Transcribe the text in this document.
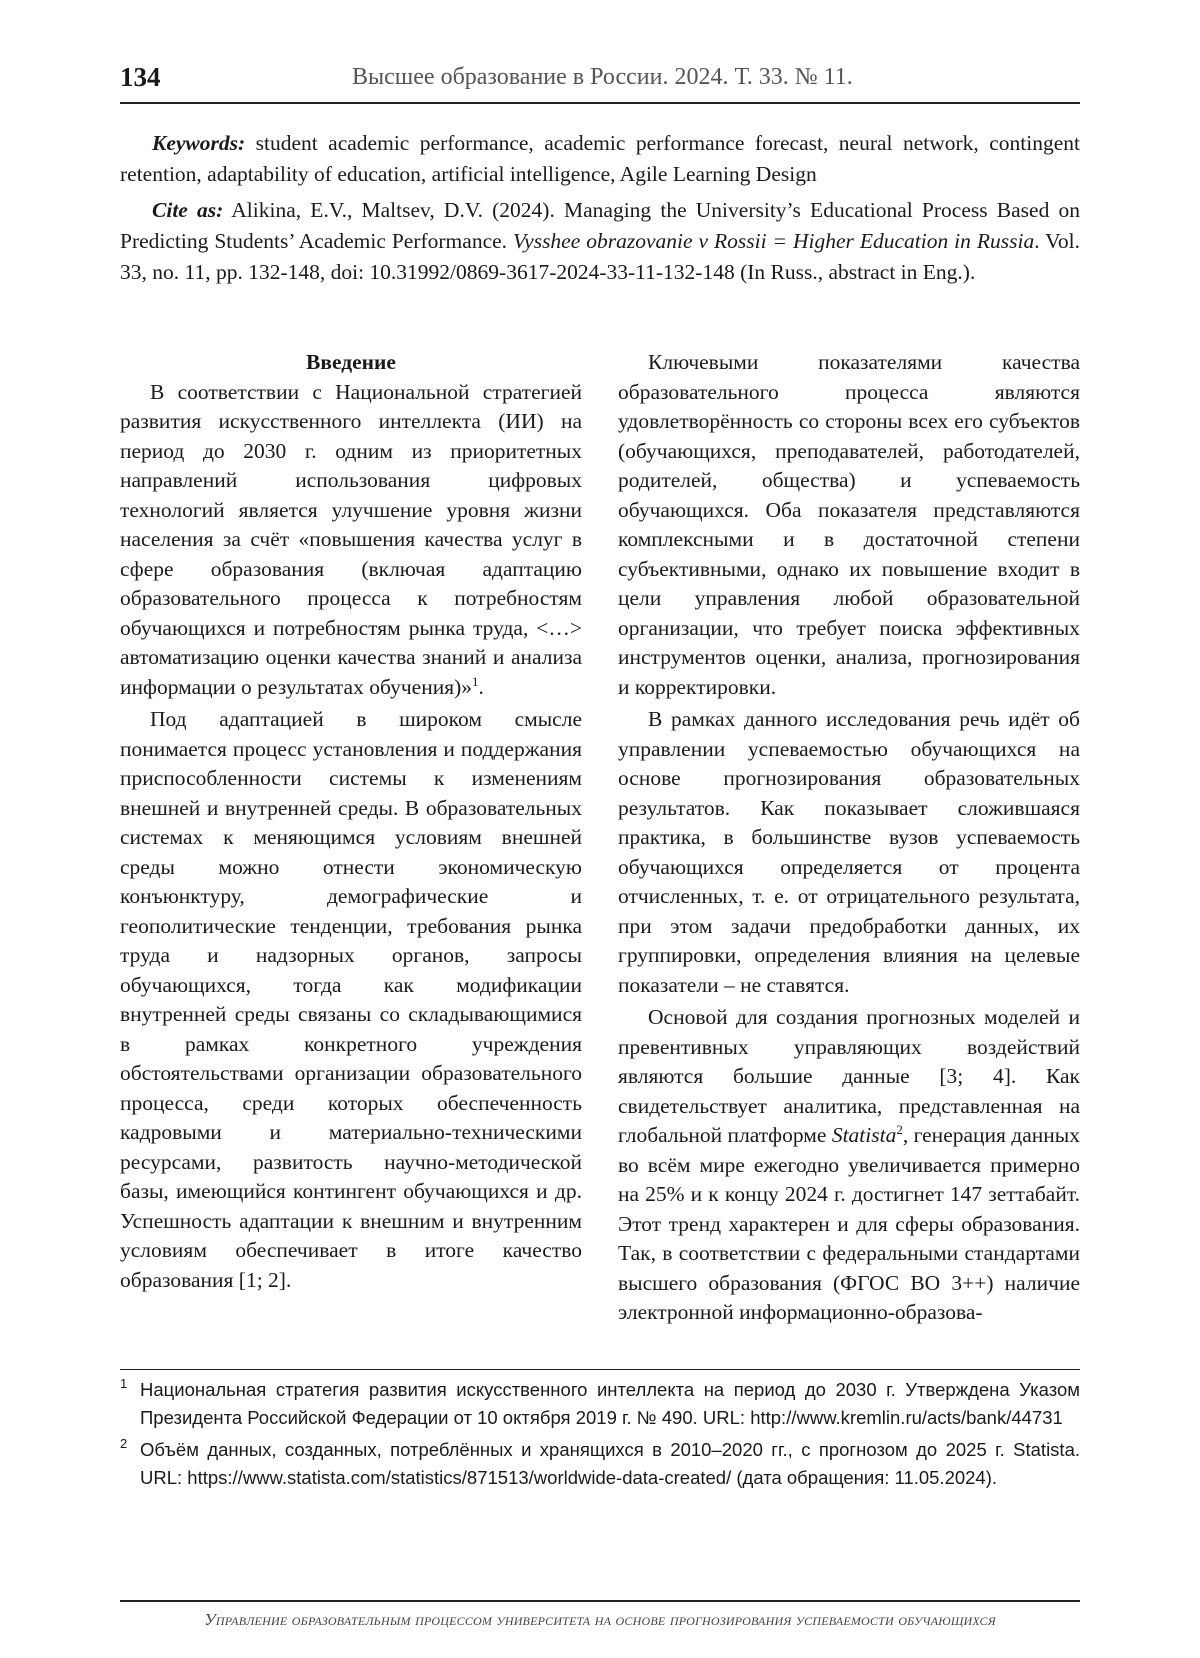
134	Высшее образование в России. 2024. Т. 33. № 11.

Keywords: student academic performance, academic performance forecast, neural network, contingent retention, adaptability of education, artificial intelligence, Agile Learning Design

Cite as: Alikina, E.V., Maltsev, D.V. (2024). Managing the University’s Educational Process Based on Predicting Students’ Academic Performance. Vysshee obrazovanie v Rossii = Higher Education in Russia. Vol. 33, no. 11, pp. 132-148, doi: 10.31992/0869-3617-2024-33-11-132-148 (In Russ., abstract in Eng.).

Введение

В соответствии с Национальной стратегией развития искусственного интеллекта (ИИ) на период до 2030 г. одним из приоритетных направлений использования цифровых технологий является улучшение уровня жизни населения за счёт «повышения качества услуг в сфере образования (включая адаптацию образовательного процесса к потребностям обучающихся и потребностям рынка труда, <…> автоматизацию оценки качества знаний и анализа информации о результатах обучения)»$^1$.

Под адаптацией в широком смысле понимается процесс установления и поддержания приспособленности системы к изменениям внешней и внутренней среды. В образовательных системах к меняющимся условиям внешней среды можно отнести экономическую конъюнктуру, демографические и геополитические тенденции, требования рынка труда и надзорных органов, запросы обучающихся, тогда как модификации внутренней среды связаны со складывающимися в рамках конкретного учреждения обстоятельствами организации образовательного процесса, среди которых обеспеченность кадровыми и материально-техническими ресурсами, развитость научно-методической базы, имеющийся контингент обучающихся и др. Успешность адаптации к внешним и внутренним условиям обеспечивает в итоге качество образования [1; 2].

Ключевыми показателями качества образовательного процесса являются удовлетворённость со стороны всех его субъектов (обучающихся, преподавателей, работодателей, родителей, общества) и успеваемость обучающихся. Оба показателя представляются комплексными и в достаточной степени субъективными, однако их повышение входит в цели управления любой образовательной организации, что требует поиска эффективных инструментов оценки, анализа, прогнозирования и корректировки.

В рамках данного исследования речь идёт об управлении успеваемостью обучающихся на основе прогнозирования образовательных результатов. Как показывает сложившаяся практика, в большинстве вузов успеваемость обучающихся определяется от процента отчисленных, т. е. от отрицательного результата, при этом задачи предобработки данных, их группировки, определения влияния на целевые показатели – не ставятся.

Основой для создания прогнозных моделей и превентивных управляющих воздействий являются большие данные [3; 4]. Как свидетельствует аналитика, представленная на глобальной платформе Statista$^2$, генерация данных во всём мире ежегодно увеличивается примерно на 25% и к концу 2024 г. достигнет 147 зеттабайт. Этот тренд характерен и для сферы образования. Так, в соответствии с федеральными стандартами высшего образования (ФГОС ВО 3++) наличие электронной информационно-образова-

1 Национальная стратегия развития искусственного интеллекта на период до 2030 г. Утверждена Указом Президента Российской Федерации от 10 октября 2019 г. № 490. URL: http://www.kremlin.ru/acts/bank/44731
2 Объём данных, созданных, потреблённых и хранящихся в 2010–2020 гг., с прогнозом до 2025 г. Statista. URL: https://www.statista.com/statistics/871513/worldwide-data-created/ (дата обращения: 11.05.2024).
Управление образовательным процессом университета на основе прогнозирования успеваемости обучающихся
